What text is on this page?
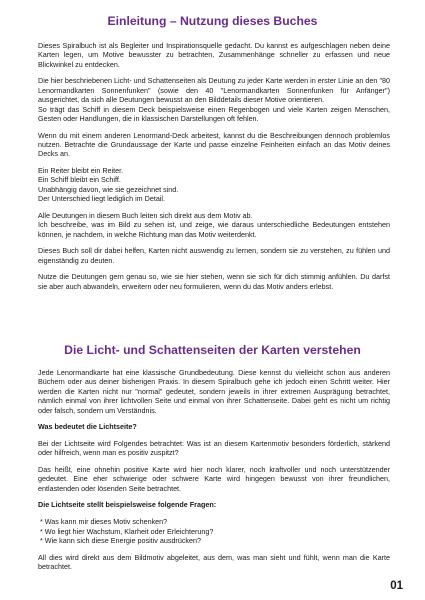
Einleitung – Nutzung dieses Buches

Dieses Spiralbuch ist als Begleiter und Inspirationsquelle gedacht. Du kannst es aufgeschlagen neben deine Karten legen, um Motive bewusster zu betrachten, Zusammenhänge schneller zu erfassen und neue Blickwinkel zu entdecken.

Die hier beschriebenen Licht- und Schattenseiten als Deutung zu jeder Karte werden in erster Linie an den "80 Lenormandkarten Sonnenfunken" (sowie den 40 "Lenormandkarten Sonnenfunken für Anfänger") ausgerichtet, da sich alle Deutungen bewusst an den Bilddetails dieser Motive orientieren.

So trägt das Schiff in diesem Deck beispielsweise einen Regenbogen und viele Karten zeigen Menschen, Gesten oder Handlungen, die in klassischen Darstellungen oft fehlen.

Wenn du mit einem anderen Lenormand-Deck arbeitest, kannst du die Beschreibungen dennoch problemlos nutzen. Betrachte die Grundaussage der Karte und passe einzelne Feinheiten einfach an das Motiv deines Decks an.

Ein Reiter bleibt ein Reiter.

Ein Schiff bleibt ein Schiff.

Unabhängig davon, wie sie gezeichnet sind.

Der Unterschied liegt lediglich im Detail.

Alle Deutungen in diesem Buch leiten sich direkt aus dem Motiv ab.

Ich beschreibe, was im Bild zu sehen ist, und zeige, wie daraus unterschiedliche Bedeutungen entstehen können, je nachdem, in welche Richtung man das Motiv weiterdenkt.

Dieses Buch soll dir dabei helfen, Karten nicht auswendig zu lernen, sondern sie zu verstehen, zu fühlen und eigenständig zu deuten.

Nutze die Deutungen gern genau so, wie sie hier stehen, wenn sie sich für dich stimmig anfühlen. Du darfst sie aber auch abwandeln, erweitern oder neu formulieren, wenn du das Motiv anders erlebst.

Die Licht- und Schattenseiten der Karten verstehen

Jede Lenormandkarte hat eine klassische Grundbedeutung. Diese kennst du vielleicht schon aus anderen Büchern oder aus deiner bisherigen Praxis. In diesem Spiralbuch gehe ich jedoch einen Schritt weiter. Hier werden die Karten nicht nur "normal" gedeutet, sondern jeweils in ihrer extremen Ausprägung betrachtet, nämlich einmal von ihrer lichtvollen Seite und einmal von ihrer Schattenseite. Dabei geht es nicht um richtig oder falsch, sondern um Verständnis.

Was bedeutet die Lichtseite?

Bei der Lichtseite wird Folgendes betrachtet: Was ist an diesem Kartenmotiv besonders förderlich, stärkend oder hilfreich, wenn man es positiv zuspitzt?

Das heißt, eine ohnehin positive Karte wird hier noch klarer, noch kraftvoller und noch unterstützender gedeutet. Eine eher schwierige oder schwere Karte wird hingegen bewusst von ihrer freundlichen, entlastenden oder lösenden Seite betrachtet.

Die Lichtseite stellt beispielsweise folgende Fragen:
* Was kann mir dieses Motiv schenken?
* Wo liegt hier Wachstum, Klarheit oder Erleichterung?
* Wie kann sich diese Energie positiv ausdrücken?

All dies wird direkt aus dem Bildmotiv abgeleitet, aus dem, was man sieht und fühlt, wenn man die Karte betrachtet.

01
